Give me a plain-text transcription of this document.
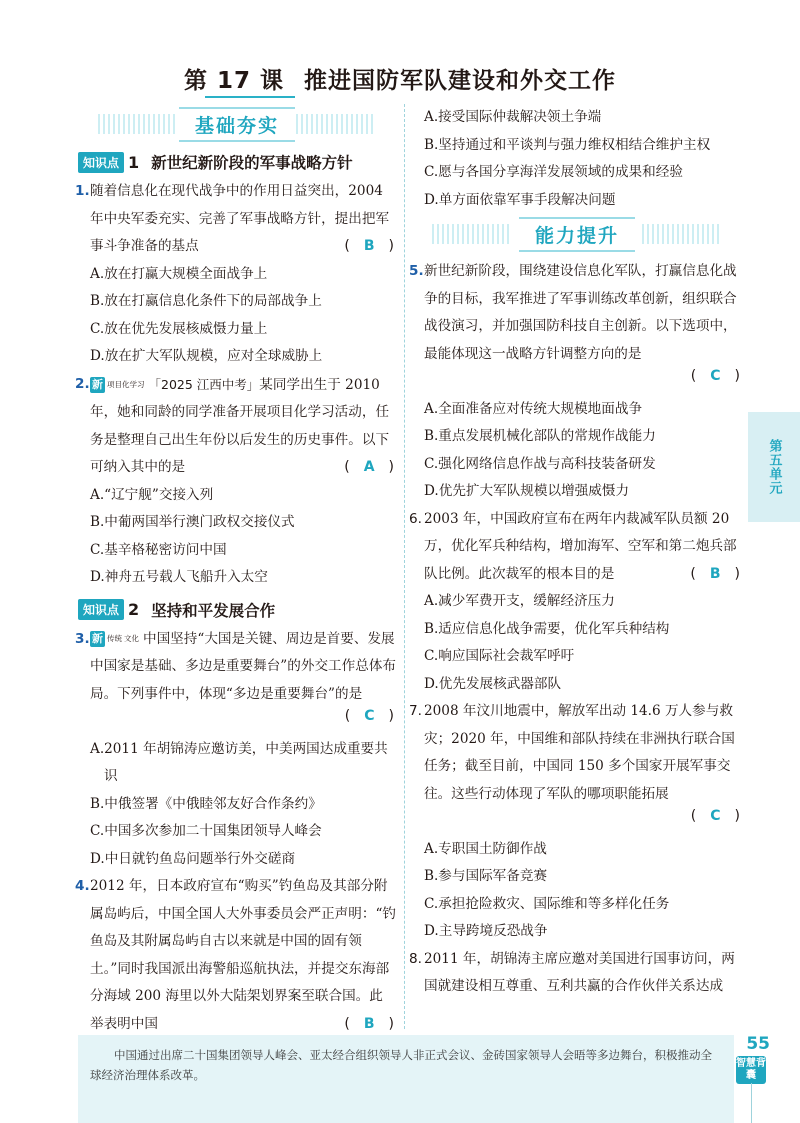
第 17 课 推进国防军队建设和外交工作
基础夯实
知识点 1 新世纪新阶段的军事战略方针
1. 随着信息化在现代战争中的作用日益突出，2004年中央军委充实、完善了军事战略方针，提出把军事斗争准备的基点	( B )
A.放在打赢大规模全面战争上
B.放在打赢信息化条件下的局部战争上
C.放在优先发展核威慑力量上
D.放在扩大军队规模，应对全球威胁上
2. 新 项目化学习 「2025 江西中考」某同学出生于 2010 年，她和同龄的同学准备开展项目化学习活动，任务是整理自己出生年份以后发生的历史事件。以下可纳入其中的是	( A )
A.“辽宁舰”交接入列
B.中葡两国举行澳门政权交接仪式
C.基辛格秘密访问中国
D.神舟五号载人飞船升入太空
知识点 2 坚持和平发展合作
3. 新 传统 文化 中国坚持“大国是关键、周边是首要、发展中国家是基础、多边是重要舞台”的外交工作总体布局。下列事件中，体现“多边是重要舞台”的是
( C )
A.2011 年胡锦涛应邀访美，中美两国达成重要共识
B.中俄签署《中俄睦邻友好合作条约》
C.中国多次参加二十国集团领导人峰会
D.中日就钓鱼岛问题举行外交磋商
4. 2012 年，日本政府宣布“购买”钓鱼岛及其部分附属岛屿后，中国全国人大外事委员会严正声明：“钓鱼岛及其附属岛屿自古以来就是中国的固有领土。”同时我国派出海警船巡航执法，并提交东海部分海域 200 海里以外大陆架划界案至联合国。此举表明中国	( B )
A.接受国际仲裁解决领土争端
B.坚持通过和平谈判与强力维权相结合维护主权
C.愿与各国分享海洋发展领域的成果和经验
D.单方面依靠军事手段解决问题
能力提升
5. 新世纪新阶段，围绕建设信息化军队，打赢信息化战争的目标，我军推进了军事训练改革创新，组织联合战役演习，并加强国防科技自主创新。以下选项中，最能体现这一战略方针调整方向的是
( C )
A.全面准备应对传统大规模地面战争
B.重点发展机械化部队的常规作战能力
C.强化网络信息作战与高科技装备研发
D.优先扩大军队规模以增强威慑力
6. 2003 年，中国政府宣布在两年内裁减军队员额 20 万，优化军兵种结构，增加海军、空军和第二炮兵部队比例。此次裁军的根本目的是	( B )
A.减少军费开支，缓解经济压力
B.适应信息化战争需要，优化军兵种结构
C.响应国际社会裁军呼吁
D.优先发展核武器部队
7. 2008 年汶川地震中，解放军出动 14.6 万人参与救灾；2020 年，中国维和部队持续在非洲执行联合国任务；截至目前，中国同 150 多个国家开展军事交往。这些行动体现了军队的哪项职能拓展
( C )
A.专职国土防御作战
B.参与国际军备竞赛
C.承担抢险救灾、国际维和等多样化任务
D.主导跨境反恐战争
8. 2011 年，胡锦涛主席应邀对美国进行国事访问，两国就建设相互尊重、互利共赢的合作伙伴关系达成
第五单元

中国通过出席二十国集团领导人峰会、亚太经合组织领导人非正式会议、金砖国家领导人会晤等多边舞台，积极推动全球经济治理体系改革。

55
智慧背囊
